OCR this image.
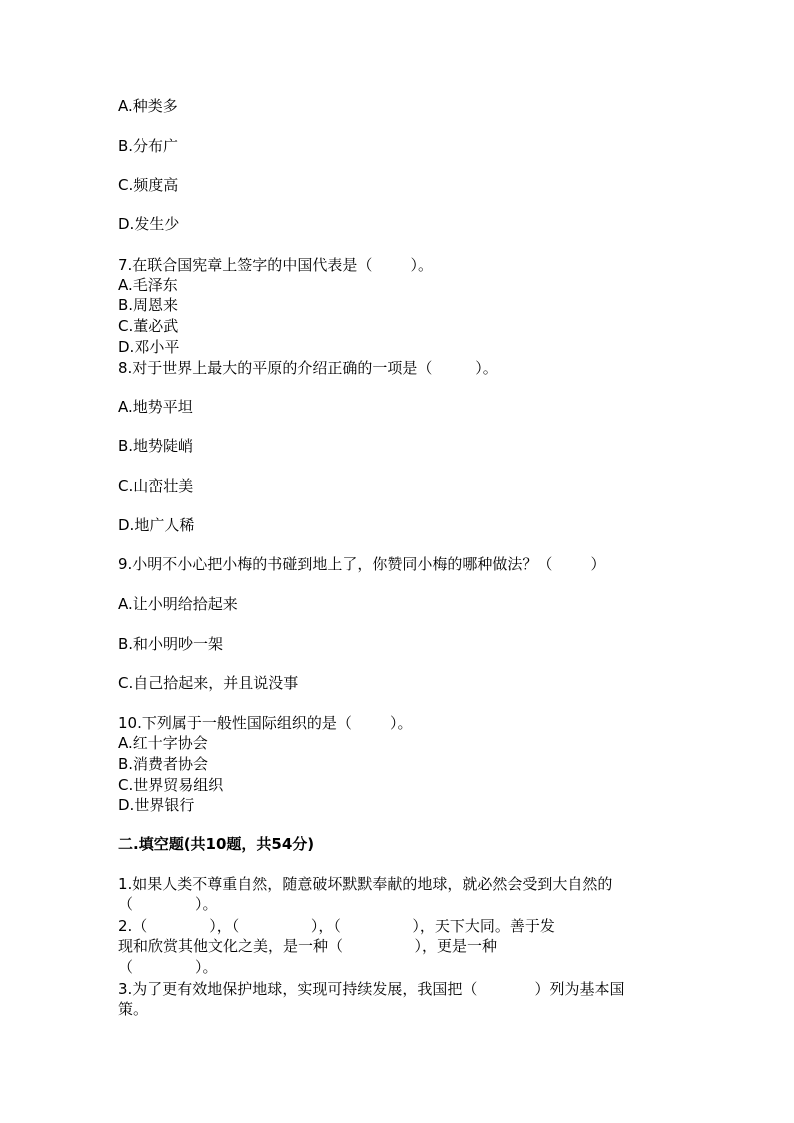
A.种类多
B.分布广
C.频度高
D.发生少
7.在联合国宪章上签字的中国代表是（        ）。
A.毛泽东
B.周恩来
C.董必武
D.邓小平
8.对于世界上最大的平原的介绍正确的一项是（         ）。
A.地势平坦
B.地势陡峭
C.山峦壮美
D.地广人稀
9.小明不小心把小梅的书碰到地上了，你赞同小梅的哪种做法？（        ）
A.让小明给拾起来
B.和小明吵一架
C.自己拾起来，并且说没事
10.下列属于一般性国际组织的是（        ）。
A.红十字协会
B.消费者协会
C.世界贸易组织
D.世界银行
二.填空题(共10题，共54分)
1.如果人类不尊重自然，随意破坏默默奉献的地球，就必然会受到大自然的
（             ）。
2.（             ），（               ），（               ），天下大同。善于发
现和欣赏其他文化之美，是一种（               ），更是一种
（             ）。
3.为了更有效地保护地球，实现可持续发展，我国把（            ）列为基本国
策。
